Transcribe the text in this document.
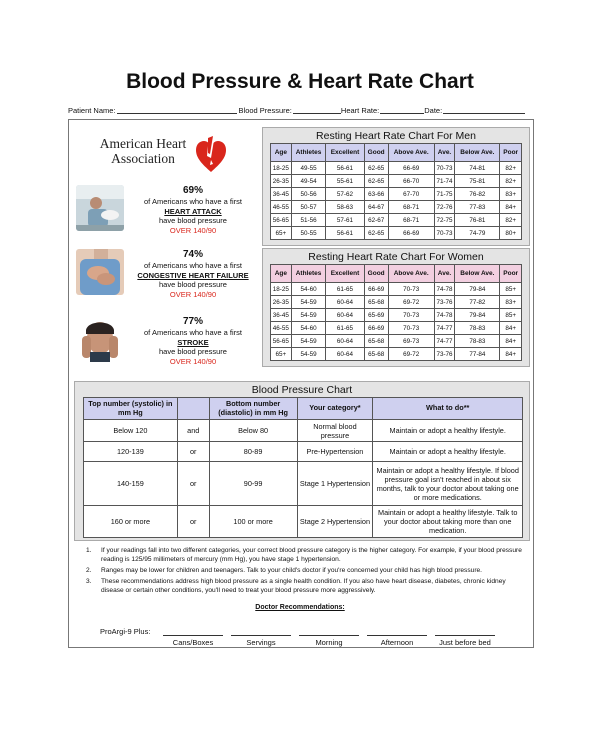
Blood Pressure & Heart Rate Chart
Patient Name:	Blood Pressure:	Heart Rate:	Date:
American Heart
Association
69%
of Americans who have a first
HEART ATTACK
have blood pressure
OVER 140/90
74%
of Americans who have a first
CONGESTIVE HEART FAILURE
have blood pressure
OVER 140/90
77%
of Americans who have a first
STROKE
have blood pressure
OVER 140/90
Resting Heart Rate Chart For Men
Age	Athletes	Excellent	Good	Above Ave.	Ave.	Below Ave.	Poor
18-25	49-55	56-61	62-65	66-69	70-73	74-81	82+
26-35	49-54	55-61	62-65	66-70	71-74	75-81	82+
36-45	50-56	57-62	63-66	67-70	71-75	76-82	83+
46-55	50-57	58-63	64-67	68-71	72-76	77-83	84+
56-65	51-56	57-61	62-67	68-71	72-75	76-81	82+
65+	50-55	56-61	62-65	66-69	70-73	74-79	80+
Resting Heart Rate Chart For Women
Age	Athletes	Excellent	Good	Above Ave.	Ave.	Below Ave.	Poor
18-25	54-60	61-65	66-69	70-73	74-78	79-84	85+
26-35	54-59	60-64	65-68	69-72	73-76	77-82	83+
36-45	54-59	60-64	65-69	70-73	74-78	79-84	85+
46-55	54-60	61-65	66-69	70-73	74-77	78-83	84+
56-65	54-59	60-64	65-68	69-73	74-77	78-83	84+
65+	54-59	60-64	65-68	69-72	73-76	77-84	84+
Blood Pressure Chart
Top number (systolic) in mm Hg		Bottom number (diastolic) in mm Hg	Your category*	What to do**
Below 120	and	Below 80	Normal blood pressure	Maintain or adopt a healthy lifestyle.
120-139	or	80-89	Pre-Hypertension	Maintain or adopt a healthy lifestyle.
140-159	or	90-99	Stage 1 Hypertension	Maintain or adopt a healthy lifestyle. If blood pressure goal isn't reached in about six months, talk to your doctor about taking one or more medications.
160 or more	or	100 or more	Stage 2 Hypertension	Maintain or adopt a healthy lifestyle. Talk to your doctor about taking more than one medication.
1.	If your readings fall into two different categories, your correct blood pressure category is the higher category. For example, if your blood pressure reading is 125/95 millimeters of mercury (mm Hg), you have stage 1 hypertension.
2.	Ranges may be lower for children and teenagers. Talk to your child's doctor if you're concerned your child has high blood pressure.
3.	These recommendations address high blood pressure as a single health condition. If you also have heart disease, diabetes, chronic kidney disease or certain other conditions, you'll need to treat your blood pressure more aggressively.
Doctor Recommendations:
ProArgi-9 Plus:
Cans/Boxes	Servings	Morning	Afternoon	Just before bed
